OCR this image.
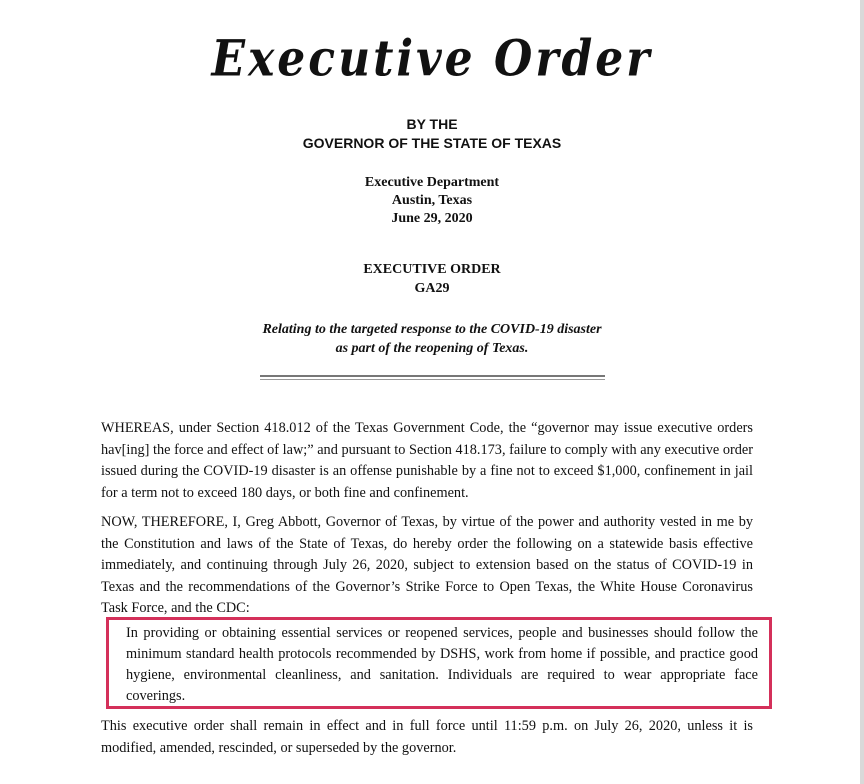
Executive Order
BY THE
GOVERNOR OF THE STATE OF TEXAS
Executive Department
Austin, Texas
June 29, 2020
EXECUTIVE ORDER
GA29
Relating to the targeted response to the COVID-19 disaster
as part of the reopening of Texas.
WHEREAS, under Section 418.012 of the Texas Government Code, the “governor may issue executive orders hav[ing] the force and effect of law;” and pursuant to Section 418.173, failure to comply with any executive order issued during the COVID-19 disaster is an offense punishable by a fine not to exceed $1,000, confinement in jail for a term not to exceed 180 days, or both fine and confinement.
NOW, THEREFORE, I, Greg Abbott, Governor of Texas, by virtue of the power and authority vested in me by the Constitution and laws of the State of Texas, do hereby order the following on a statewide basis effective immediately, and continuing through July 26, 2020, subject to extension based on the status of COVID-19 in Texas and the recommendations of the Governor’s Strike Force to Open Texas, the White House Coronavirus Task Force, and the CDC:
In providing or obtaining essential services or reopened services, people and businesses should follow the minimum standard health protocols recommended by DSHS, work from home if possible, and practice good hygiene, environmental cleanliness, and sanitation. Individuals are required to wear appropriate face coverings.
This executive order shall remain in effect and in full force until 11:59 p.m. on July 26, 2020, unless it is modified, amended, rescinded, or superseded by the governor.
